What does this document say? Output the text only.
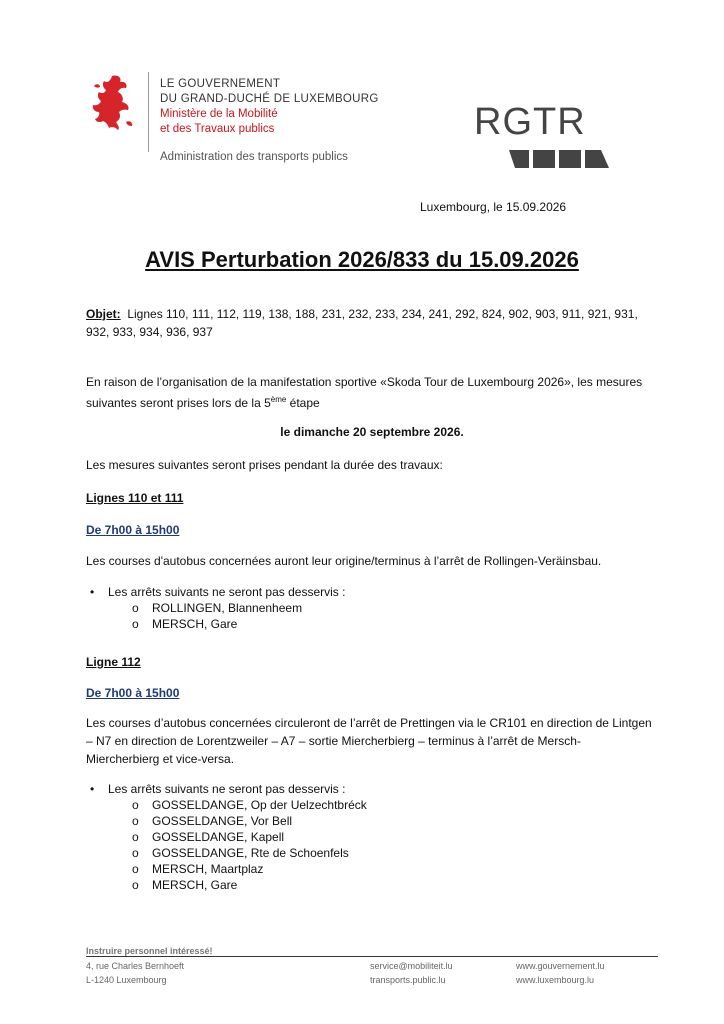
LE GOUVERNEMENT
DU GRAND-DUCHÉ DE LUXEMBOURG
Ministère de la Mobilité
et des Travaux publics
Administration des transports publics
RGTR
Luxembourg, le 15.09.2026
AVIS Perturbation 2026/833 du 15.09.2026
Objet: Lignes 110, 111, 112, 119, 138, 188, 231, 232, 233, 234, 241, 292, 824, 902, 903, 911, 921, 931,
932, 933, 934, 936, 937
En raison de l’organisation de la manifestation sportive «Skoda Tour de Luxembourg 2026», les mesures
suivantes seront prises lors de la 5ème étape
le dimanche 20 septembre 2026.
Les mesures suivantes seront prises pendant la durée des travaux:
Lignes 110 et 111
De 7h00 à 15h00
Les courses d'autobus concernées auront leur origine/terminus à l’arrêt de Rollingen-Veräinsbau.
• Les arrêts suivants ne seront pas desservis :
o ROLLINGEN, Blannenheem
o MERSCH, Gare
Ligne 112
De 7h00 à 15h00
Les courses d’autobus concernées circuleront de l’arrêt de Prettingen via le CR101 en direction de Lintgen
– N7 en direction de Lorentzweiler – A7 – sortie Miercherbierg – terminus à l’arrêt de Mersch-
Miercherbierg et vice-versa.
• Les arrêts suivants ne seront pas desservis :
o GOSSELDANGE, Op der Uelzechtbréck
o GOSSELDANGE, Vor Bell
o GOSSELDANGE, Kapell
o GOSSELDANGE, Rte de Schoenfels
o MERSCH, Maartplaz
o MERSCH, Gare
Instruire personnel intéressé!
4, rue Charles Bernhoeft
L-1240 Luxembourg
service@mobiliteit.lu
transports.public.lu
www.gouvernement.lu
www.luxembourg.lu
